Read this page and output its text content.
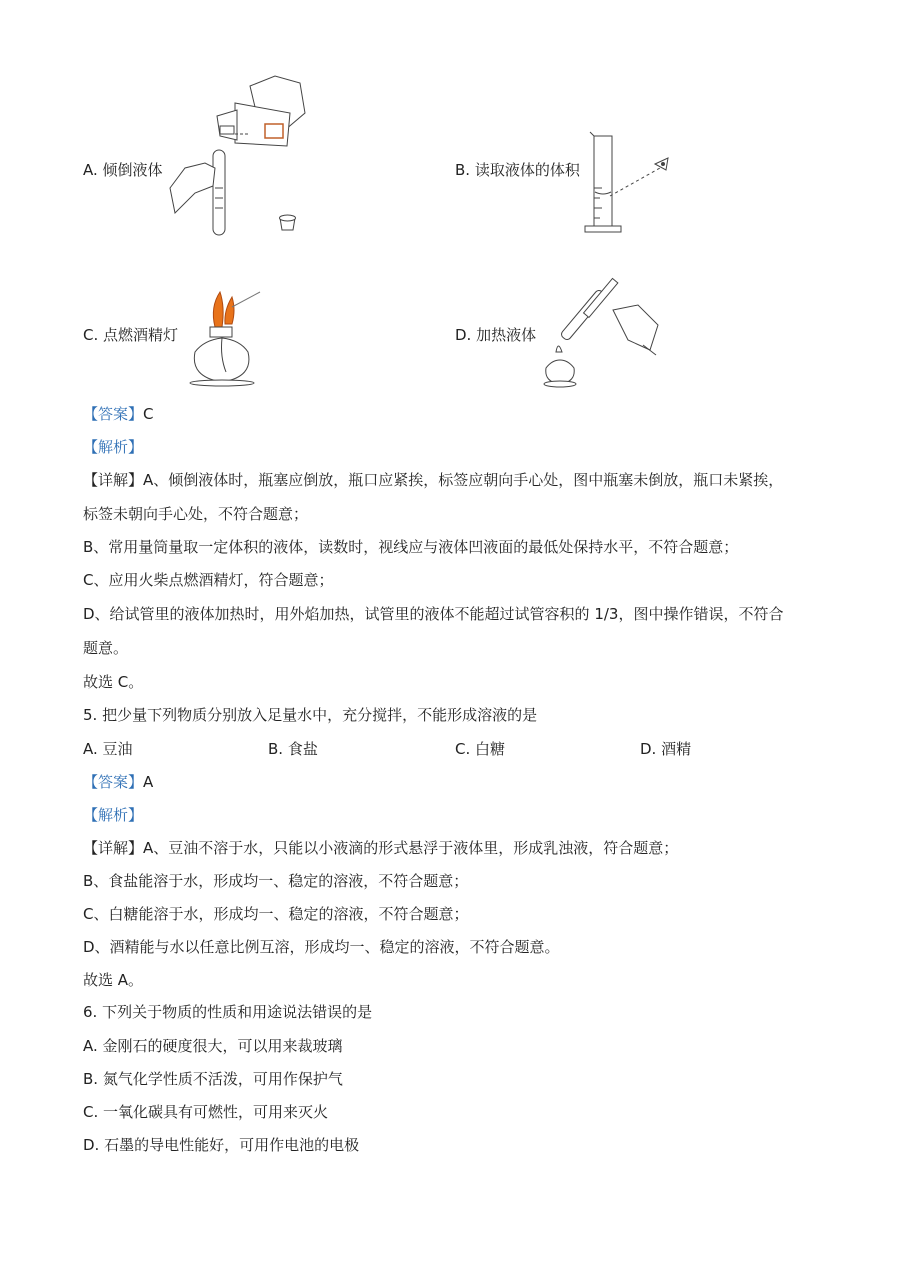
A. 倾倒液体	B. 读取液体的体积
C. 点燃酒精灯	D. 加热液体
【答案】C
【解析】
【详解】A、倾倒液体时，瓶塞应倒放，瓶口应紧挨，标签应朝向手心处，图中瓶塞未倒放，瓶口未紧挨，
标签未朝向手心处，不符合题意；
B、常用量筒量取一定体积的液体，读数时，视线应与液体凹液面的最低处保持水平，不符合题意；
C、应用火柴点燃酒精灯，符合题意；
D、给试管里的液体加热时，用外焰加热，试管里的液体不能超过试管容积的 1/3，图中操作错误，不符合
题意。
故选 C。
5. 把少量下列物质分别放入足量水中，充分搅拌，不能形成溶液的是
A. 豆油	B. 食盐	C. 白糖	D. 酒精
【答案】A
【解析】
【详解】A、豆油不溶于水，只能以小液滴的形式悬浮于液体里，形成乳浊液，符合题意；
B、食盐能溶于水，形成均一、稳定的溶液，不符合题意；
C、白糖能溶于水，形成均一、稳定的溶液，不符合题意；
D、酒精能与水以任意比例互溶，形成均一、稳定的溶液，不符合题意。
故选 A。
6. 下列关于物质的性质和用途说法错误的是
A. 金刚石的硬度很大，可以用来裁玻璃
B. 氮气化学性质不活泼，可用作保护气
C. 一氧化碳具有可燃性，可用来灭火
D. 石墨的导电性能好，可用作电池的电极
